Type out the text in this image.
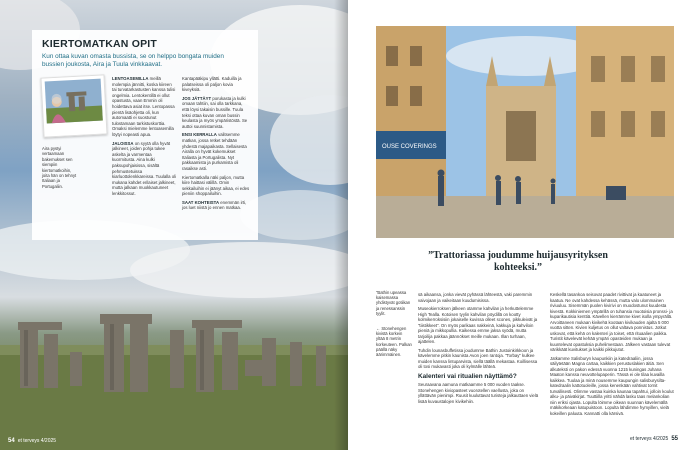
KIERTOMATKAN OPIT
Kun ottaa kuvan omasta bussista, se on helppo bongata muiden bussien joukosta, Aira ja Tuula vinkkaavat.
Aira pystyi vertaamaan bakemukset sen siempiin kiertomatkoihin, joita hän on tehnyt Italiaan ja Portugaliin.

LENTOASEMILLA meillä molempia jännitti, koska kiireen tai turvatarkastusten kanssa tulisi ongelmia. Lentokentillä ei ollut opastusta, vaan Emmin oli hoidettava asiat itse. Lentopassa pientä lisäohjetta oli, kun automaatti ei suostunut tulostamaan tarkistuskorttia. Omaksi mielemme lentoasemilla löytyi nopeasti apua.

JALOISSA on syytä olla hyvät jalkineet, joiden pohja tukee askelta ja varmentaa kuormitusta. Aina kulki paksupohjaisissa, sisältä pehmustetuissa kiarluottolenkkareissa. Tuulalla oli mukana kahdet erilaiset jalkineet, mutta jalkaan muokkautuneet lenkkitossut.

Kantapääkipu yllätti. Kaduilla ja palatseissa oli paljon kovia kiveyksiä.

JOS JÄTTÄYT porukasta ja kulki omaan tahtiin, sai olla tarkkana, että löysi takaisin bussille. Tuula teksi ottaa kuvan oman bussin keulasta ja myös ympäristöstä. Se auttoi suunnistamista.

ENSI KERRALLA valitsemme matkan, jossa retket tehdään yhdestä majapaikasta. Sellaisesta Airalla on hyvät kokemukset Italiasta ja Portugalista. Nyt pakkaamista ja purkamista oli rasaikse asti.

Kiertomatkalla näki paljon, mutta kiire haittasi välillä. Omin sekkailuihin ei jäänyt aikaa, ei edes pieniin shoppailuihin.

SAAT KOHTEISTA enemmän irti, jos luet niistä jo ennen matkaa.

54 et terveys 4/2025
OUSE COVERINGS
”Trattoriassa joudumme huijausyrityksen kohteeksi.”

”Bathin upeassa kaisemassa yhdistyvät gotiikan ja renessanssin tyylit.

← Stonehengen kivistä korkein yltää 8 metrin korkeuteen. Palkan päällä näky äärimmäinen.

sä aikaansa, jonka vievät pyhässä lähteestä, vaki paremmin vaivojaan ja vaikeitaan kuudumisissa.

Museokierroksen jälkeen otamme kahvilan ja herkuttelemme High Tealla. Kotoisen tyylin kahvilan pöydillä on kootty kolmikerroksisiin jokaiselle kuvissa olleet scones, pikkuleivät ja ”tiistikkeet”. On myös parikaas nakkeinä, kakkuja ja kahviloin pieniä ja mikkopullia. Kaikessa emme jaksa syödä, mutta tarjoilija pakkaa jäännökset meille mukaan. Illan turhaan, ajattelen.

Tuhdin lounasbuffetissa joudumme Bathin Justoinkirkkoon ja kävelemme pitkin kaunista Avon joen rantoja. ”Torbay” kulkee muiden kanssa lintuparvista, siellä täällä mekastaa. Koillisessa oli tosi mukavasti joka oli kylmälle lähteä.

Kalenteri vai ritualien näyttämö?

Seuraavana aamuna matkaamme 5 000 vuoden taakse. Stonehengen kiviopasteet vuorotellen vaellusta, joka on yllättävän pienimpi. Ruusit kuuluttavat turisteja jalkauttaen vielä lisää kuvaustalojen kivikehiin.

Keskellä tasankoa seisovat paadet rivittivat ja kaatuneet ja kaatua. Ne ovat kahdessa kehässä, mutta valo ulommainen riviuuluu. Sisemmän puolen kivirivi on muodostunut kuudesta kivestä. Kokkiniemen ympärillä on tuhansia muotoisia pronssi- ja kuparikautisia kenttiä. Kävellen kierrämme kivet isolla ympyrällä. Arvoittaneen mukaan kivikehä kootaan kivikauden ajalta 5 000 vuotta sitten. Kivien kuljetus on ollut valtava ponnistus. Jotkut uskovat, että kehä on kalenteri ja toiset, että rituaalien paikka. Turistit kävelevät kehää ympäri opasteiden mukaan ja kuuntelevat opastuksia puhelimestaan. Jälkeen vastaan tulevat värikkäät kuvitukset ja kaikki pikkujutut.

Jatkamme Salisburyn kaupunkiin ja katedraaliin, jossa säilytetään Magna cartaa, kaikkien perustuslakien äitiä. Sen alkuteksti on pakon edessä vuonna 1215 kuningas Juhana Maaton kanssa neuvottelupaperin. Tässä ei ole tilaa kuvailla kaikkea. Tuulaa ja minä nousemme kaupungin salisburysilta-katedraalin kattotuoleille, jossa kenenkään vahtivat tornit turvallisesti. Olimme vastaa kuinka kaunaa tapahtui, jolloin koulut alku- ja päiväkirjat. Tuuttiilla yritti nähdä lasku taas melankolian niin eriksi ojasta. Lopulta löimme oikean suunnan kävelemällä mäkikorkeaan katupuistoon. Lopulta lähdimme hymyillen, vielä kokeillen paluuta. Kannatti olla kärsivä.

et terveys 4/2025 55
